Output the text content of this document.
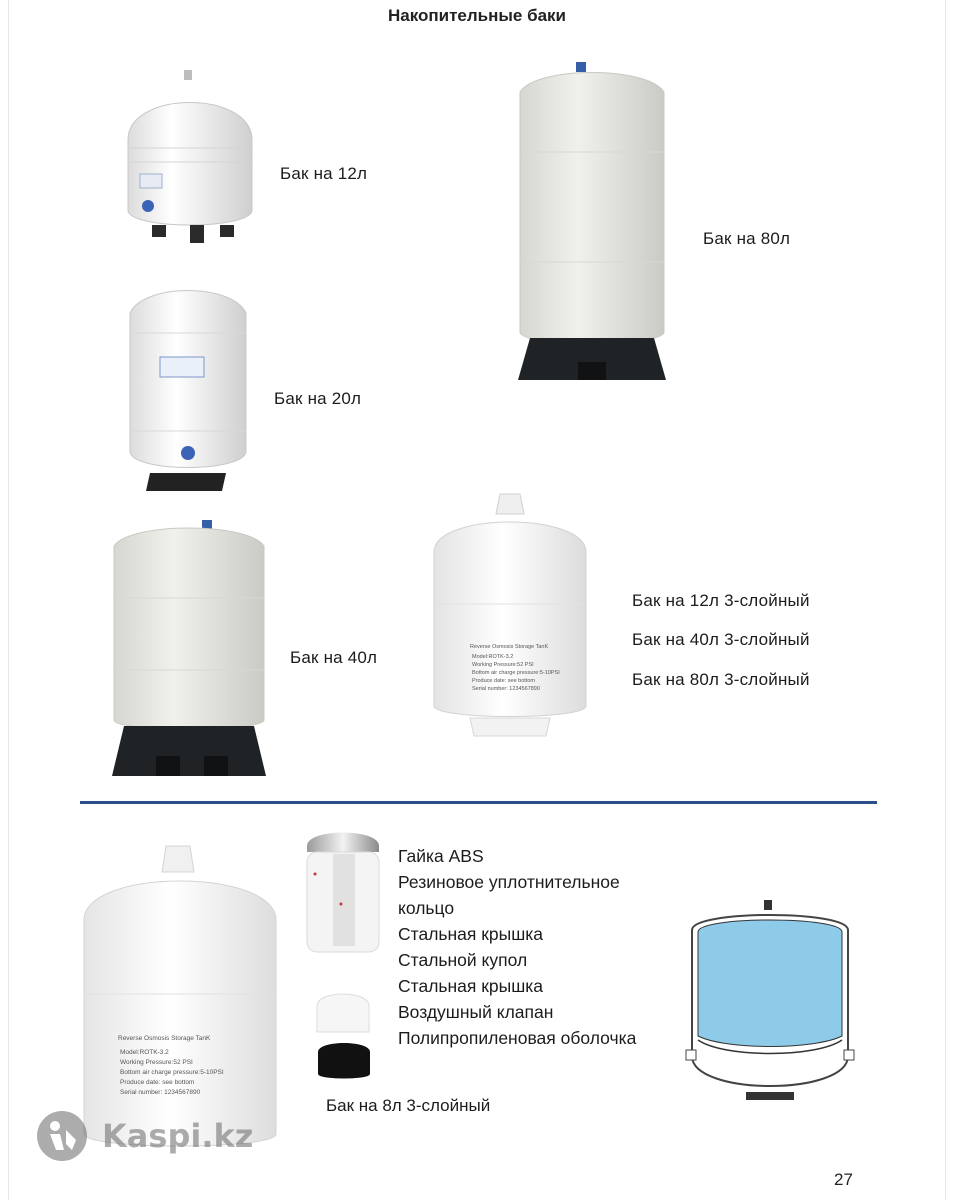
Накопительные баки
Бак на 12л
Бак на 80л
Бак на 20л
Бак на 40л
Reverse Osmosis Storage TanK
Model:ROTK-3.2
Working Pressure:52 PSI
Bottom air charge pressure:5-10PSI
Produce date: see bottom
Serial number: 1234567890
Бак на 12л 3-слойный
Бак на 40л 3-слойный
Бак на 80л 3-слойный
Reverse Osmosis Storage TanK
Model:ROTK-3.2
Working Pressure:52 PSI
Bottom air charge pressure:5-10PSI
Produce date: see bottom
Serial number: 1234567890
Гайка ABS
Резиновое уплотнительное
кольцо
Стальная крышка
Стальной купол
Стальная крышка
Воздушный клапан
Полипропиленовая оболочка
Бак на 8л 3-слойный
Kaspi.kz
27
